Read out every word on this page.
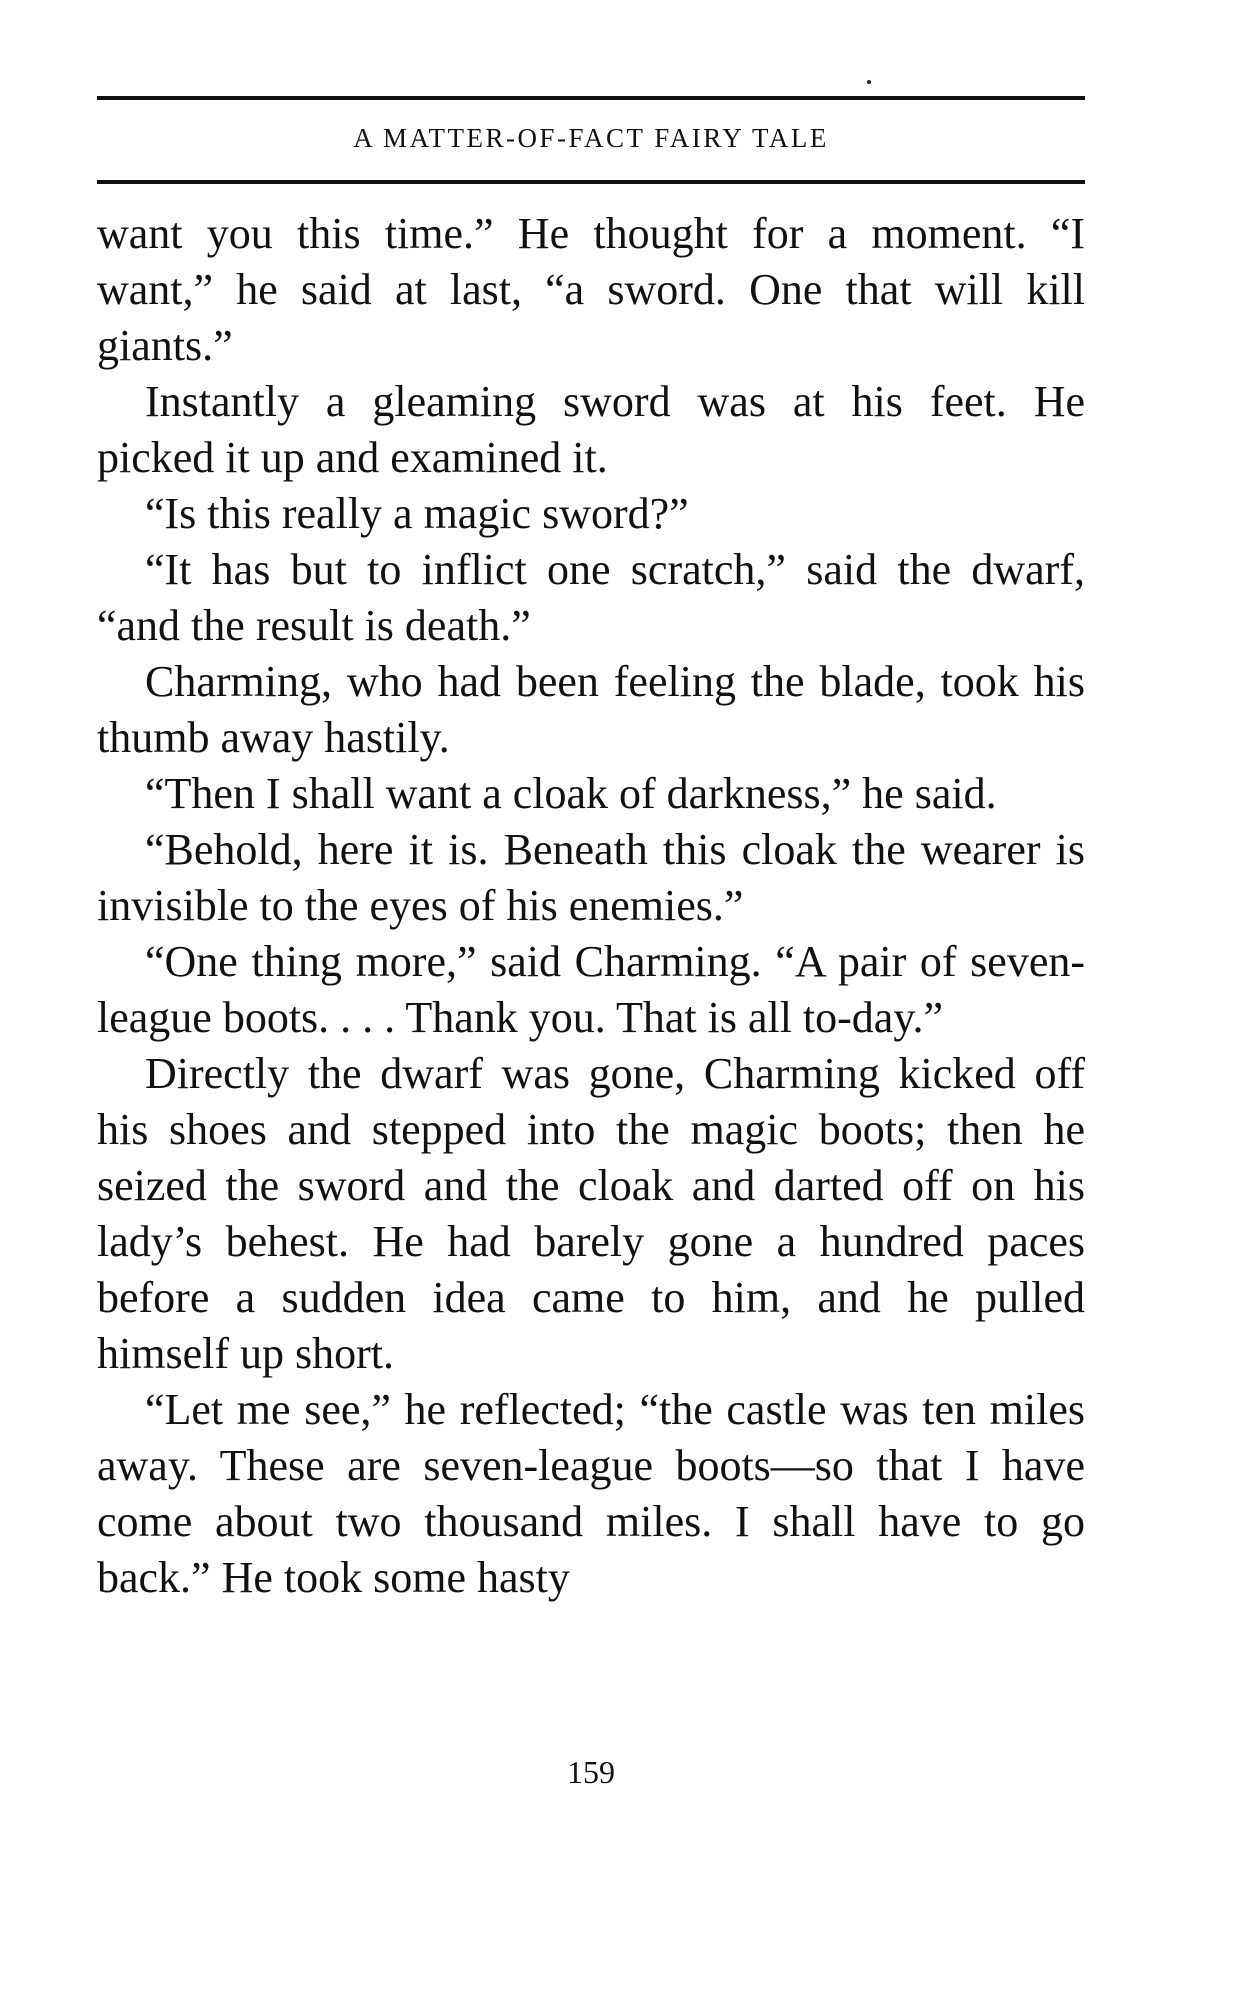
A MATTER-OF-FACT FAIRY TALE

want you this time.” He thought for a moment. “I want,” he said at last, “a sword. One that will kill giants.”

Instantly a gleaming sword was at his feet. He picked it up and examined it.

“Is this really a magic sword?”

“It has but to inflict one scratch,” said the dwarf, “and the result is death.”

Charming, who had been feeling the blade, took his thumb away hastily.

“Then I shall want a cloak of darkness,” he said.

“Behold, here it is. Beneath this cloak the wearer is invisible to the eyes of his enemies.”

“One thing more,” said Charming. “A pair of seven-league boots. . . . Thank you. That is all to-day.”

Directly the dwarf was gone, Charming kicked off his shoes and stepped into the magic boots; then he seized the sword and the cloak and darted off on his lady’s behest. He had barely gone a hundred paces before a sudden idea came to him, and he pulled himself up short.

“Let me see,” he reflected; “the castle was ten miles away. These are seven-league boots—so that I have come about two thousand miles. I shall have to go back.” He took some hasty

159
